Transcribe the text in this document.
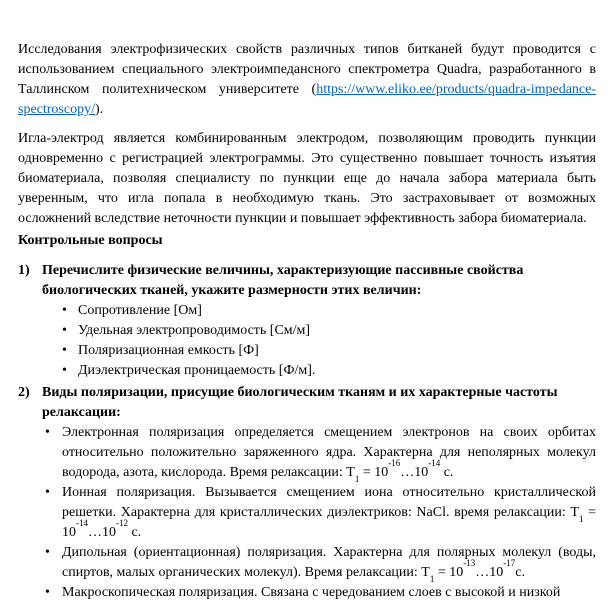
Исследования электрофизических свойств различных типов битканей будут проводится с использованием специального электроимпедансного спектрометра Quadra, разработанного в Таллинском политехническом университете (https://www.eliko.ee/products/quadra-impedance-spectroscopy/).

Игла-электрод является комбинированным электродом, позволяющим проводить пункции одновременно с регистрацией электрограммы. Это существенно повышает точность изъятия биоматериала, позволяя специалисту по пункции еще до начала забора материала быть уверенным, что игла попала в необходимую ткань. Это застраховывает от возможных осложнений вследствие неточности пункции и повышает эффективность забора биоматериала.

Контрольные вопросы
1) Перечислите физические величины, характеризующие пассивные свойства биологических тканей, укажите размерности этих величин:
• Сопротивление [Ом]
• Удельная электропроводимость [См/м]
• Поляризационная емкость [Ф]
• Диэлектрическая проницаемость [Ф/м].
2) Виды поляризации, присущие биологическим тканям и их характерные частоты релаксации:
• Электронная поляризация определяется смещением электронов на своих орбитах относительно положительно заряженного ядра. Характерна для неполярных молекул водорода, азота, кислорода. Время релаксации: $Т_1$ = $10^{-16}\dots 10^{-14}$ с.
• Ионная поляризация. Вызывается смещением иона относительно кристаллической решетки. Характерна для кристаллических диэлектриков: NaCl. время релаксации: $Т_1$ = $10^{-14}\dots 10^{-12}$ с.
• Дипольная (ориентационная) поляризация. Характерна для полярных молекул (воды, спиртов, малых органических молекул). Время релаксации: $Т_1$ = $10^{-13}\dots 10^{-17}с$.
• Макроскопическая поляризация. Связана с чередованием слоев с высокой и низкой
